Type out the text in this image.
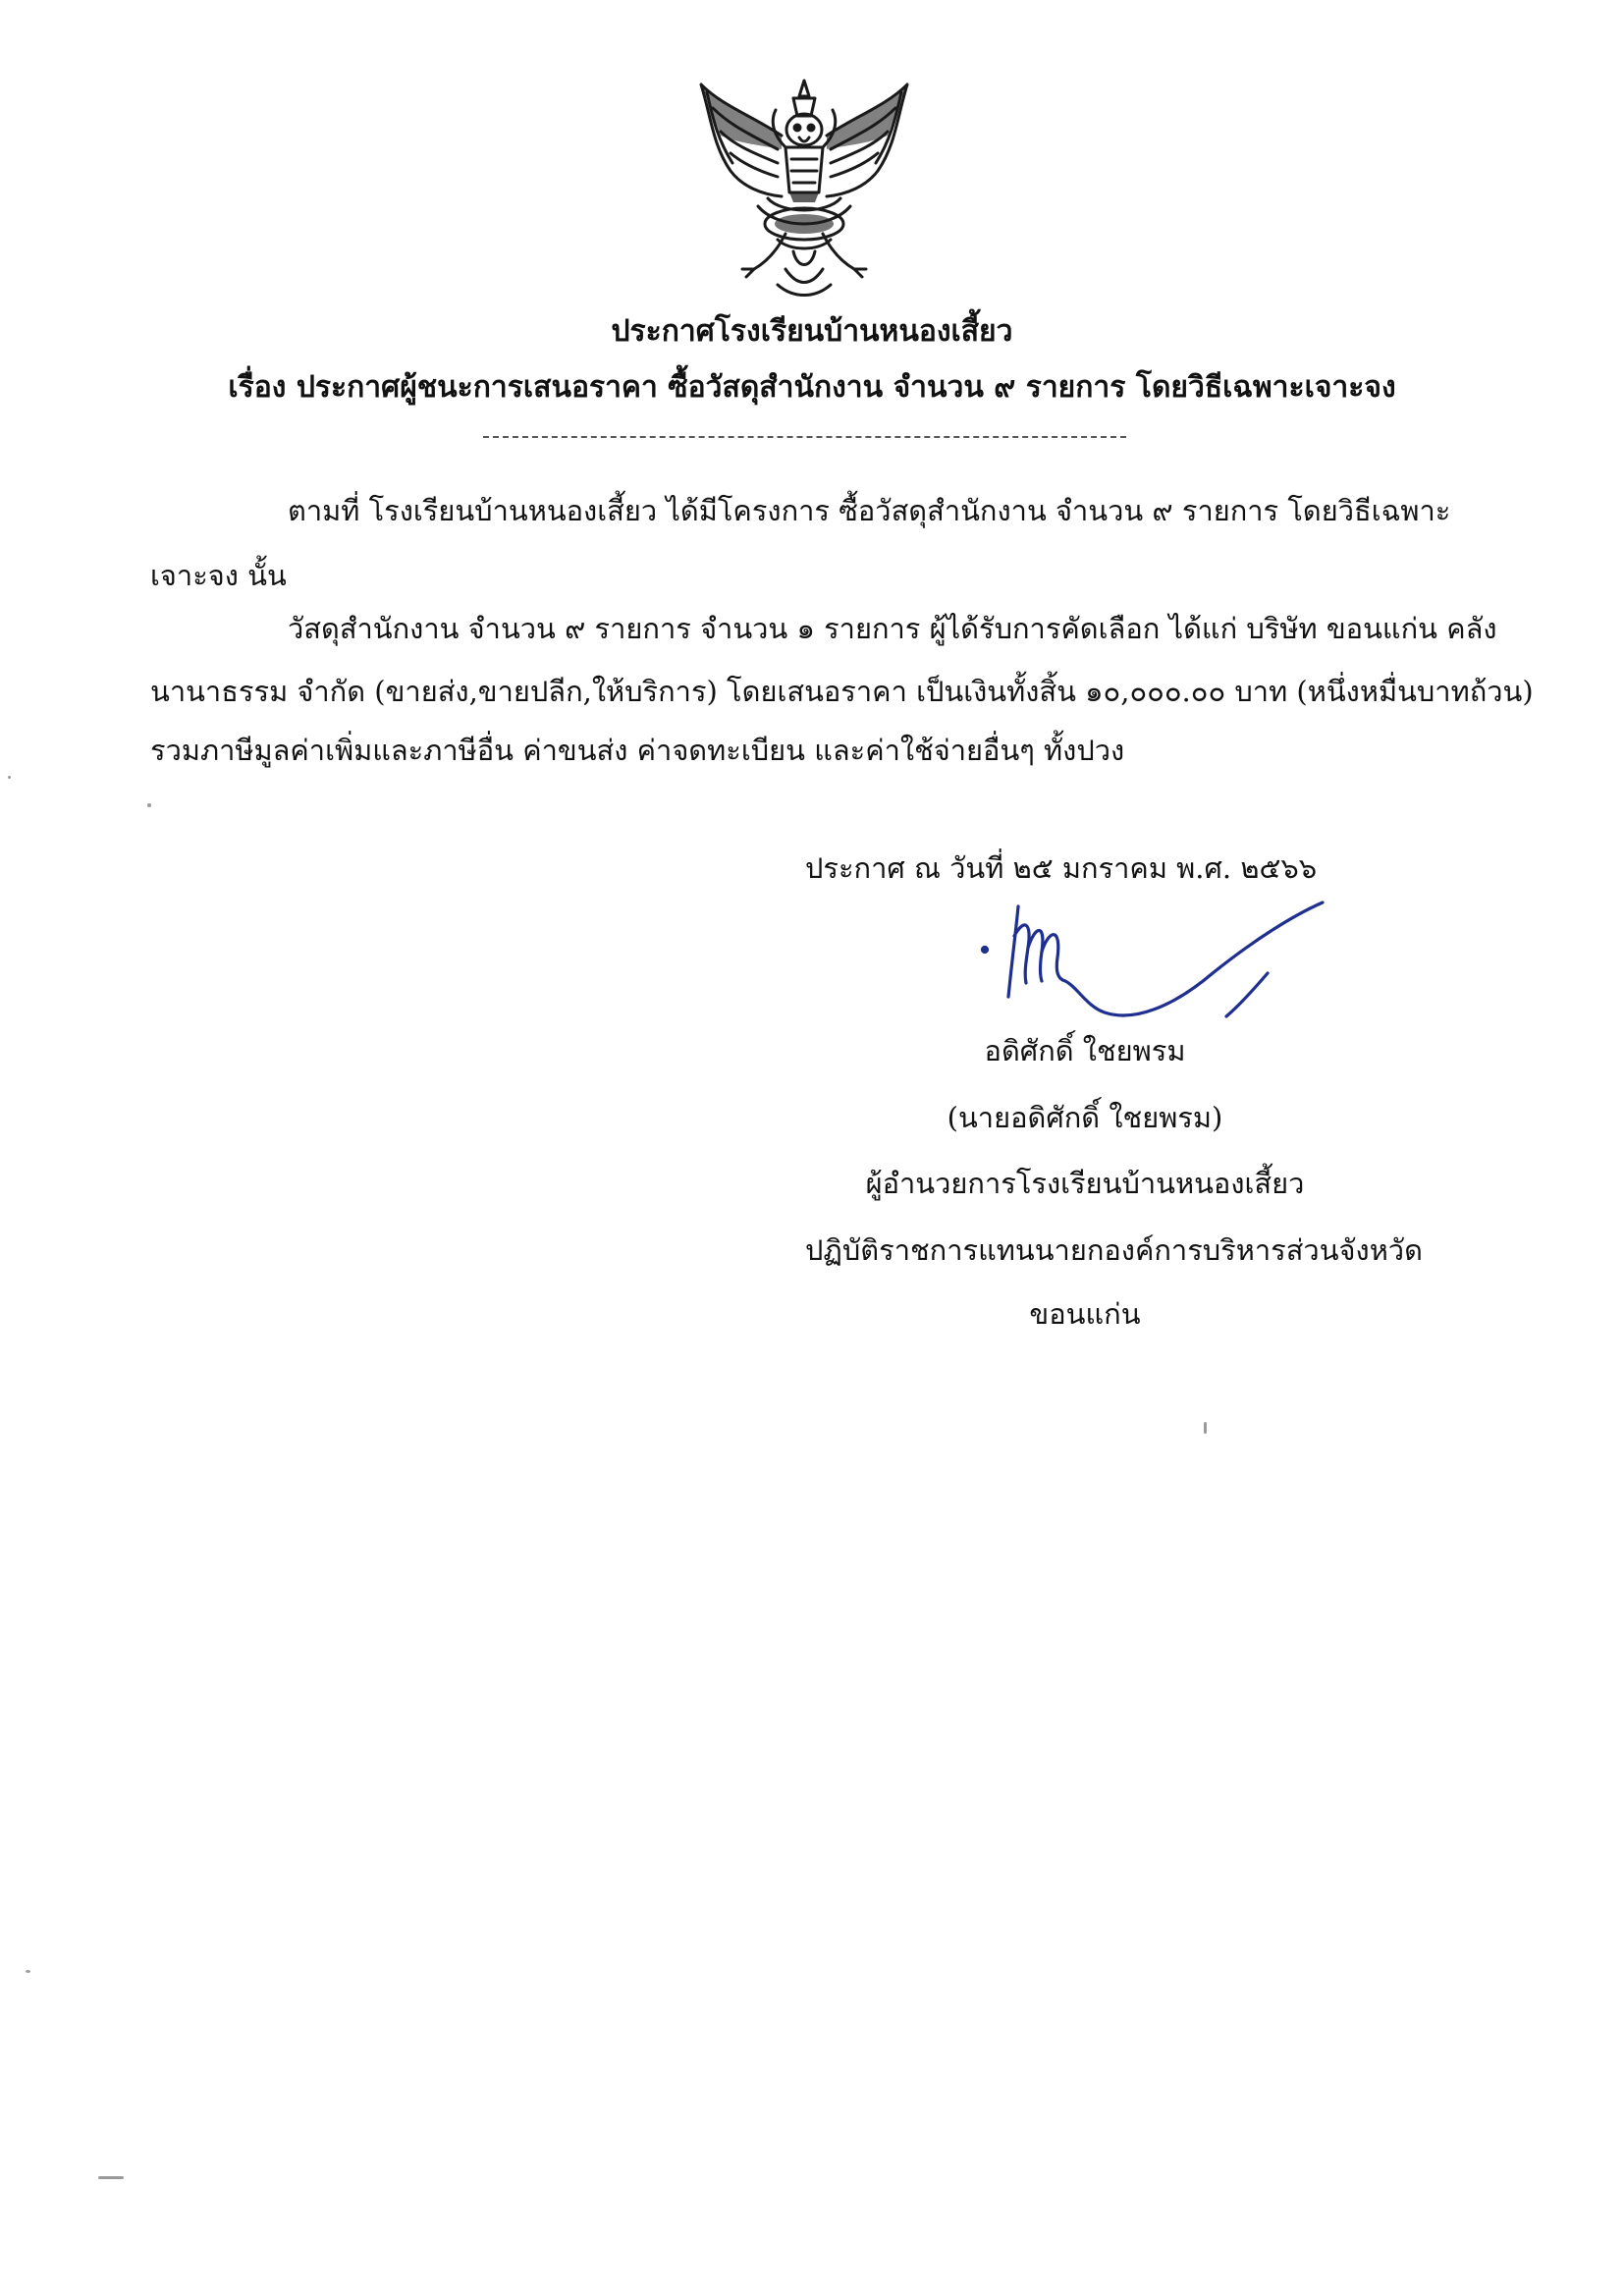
ประกาศโรงเรียนบ้านหนองเสี้ยว
เรื่อง ประกาศผู้ชนะการเสนอราคา ซื้อวัสดุสำนักงาน จำนวน ๙ รายการ โดยวิธีเฉพาะเจาะจง
ตามที่ โรงเรียนบ้านหนองเสี้ยว ได้มีโครงการ ซื้อวัสดุสำนักงาน จำนวน ๙ รายการ โดยวิธีเฉพาะ
เจาะจง นั้น
วัสดุสำนักงาน จำนวน ๙ รายการ จำนวน ๑ รายการ ผู้ได้รับการคัดเลือก ได้แก่ บริษัท ขอนแก่น คลัง
นานาธรรม จำกัด (ขายส่ง,ขายปลีก,ให้บริการ) โดยเสนอราคา เป็นเงินทั้งสิ้น ๑๐,๐๐๐.๐๐ บาท (หนึ่งหมื่นบาทถ้วน)
รวมภาษีมูลค่าเพิ่มและภาษีอื่น ค่าขนส่ง ค่าจดทะเบียน และค่าใช้จ่ายอื่นๆ ทั้งปวง
ประกาศ ณ วันที่ ๒๕ มกราคม พ.ศ. ๒๕๖๖
อดิศักดิ์ ใชยพรม
(นายอดิศักดิ์ ใชยพรม)
ผู้อำนวยการโรงเรียนบ้านหนองเสี้ยว
ปฏิบัติราชการแทนนายกองค์การบริหารส่วนจังหวัด
ขอนแก่น
